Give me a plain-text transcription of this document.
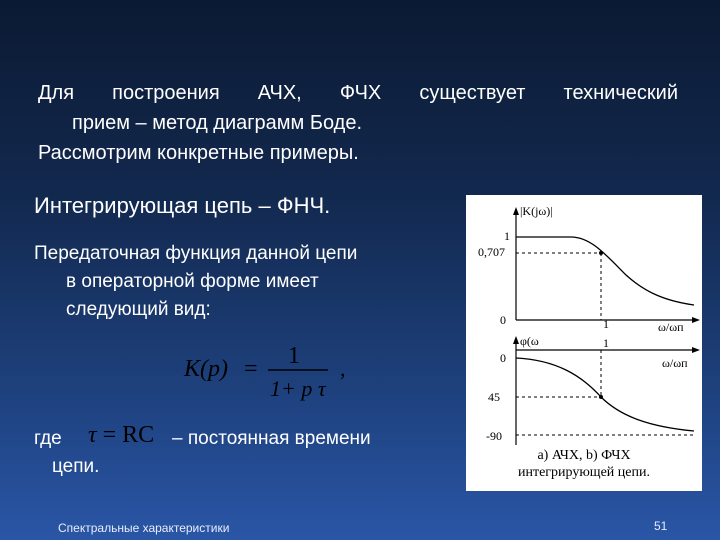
Для построения АЧХ, ФЧХ существует технический
прием – метод диаграмм Боде.
Рассмотрим конкретные примеры.
Интегрирующая цепь – ФНЧ.
Передаточная функция данной цепи
в операторной форме имеет
следующий вид:
K(p) = 1
1+ p τ
,
где τ = RC – постоянная времени
цепи.
|K(jω)|
1
0,707
0	1	ω/ωп
φ(ω
0
1
ω/ωп
45
-90
a) АЧХ, b) ФЧХ
интегрирующей цепи.
Спектральные характеристики	51
